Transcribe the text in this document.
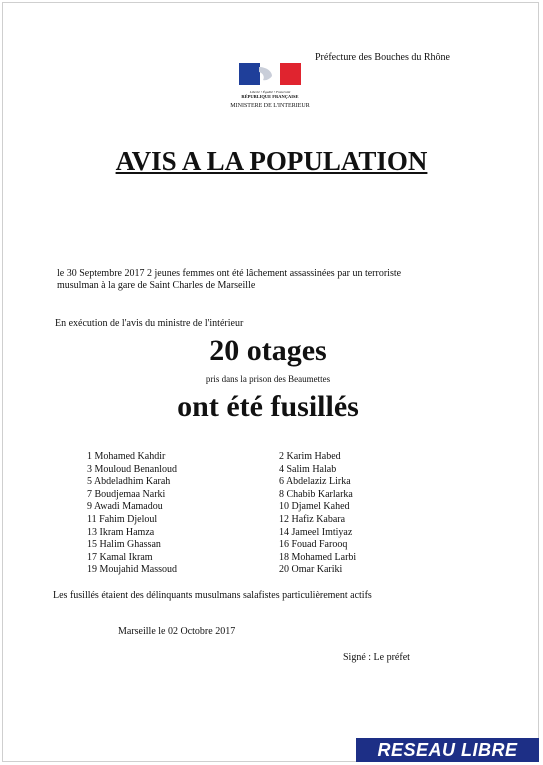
Préfecture des Bouches du Rhône
Liberté • Égalité • Fraternité
RÉPUBLIQUE FRANÇAISE
MINISTERE DE L'INTERIEUR
AVIS A LA POPULATION
le 30 Septembre 2017 2 jeunes femmes ont été lâchement assassinées par un terroriste
musulman à la gare de Saint Charles de Marseille
En exécution de l'avis du ministre de l'intérieur
20 otages
pris dans la prison des Beaumettes
ont été fusillés
1 Mohamed Kahdir
3 Mouloud Benanloud
5 Abdeladhim Karah
7 Boudjemaa Narki
9 Awadi Mamadou
11 Fahim Djeloul
13 Ikram Hamza
15 Halim Ghassan
17 Kamal Ikram
19 Moujahid Massoud
2 Karim Habed
4 Salim Halab
6 Abdelaziz Lirka
8 Chabib Karlarka
10 Djamel Kahed
12 Hafiz Kabara
14 Jameel Imtiyaz
16 Fouad Farooq
18 Mohamed Larbi
20 Omar Kariki
Les fusillés étaient des délinquants musulmans salafistes particulièrement actifs
Marseille le 02 Octobre 2017
Signé : Le préfet
RESEAU LIBRE
